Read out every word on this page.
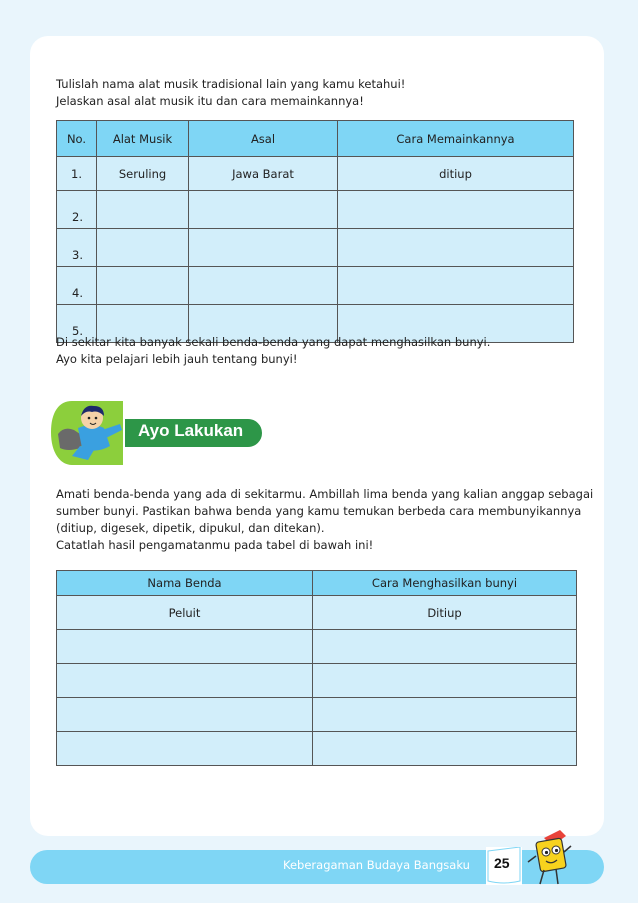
Tulislah nama alat musik tradisional lain yang kamu ketahui!

Jelaskan asal alat musik itu dan cara memainkannya!

No.	Alat Musik	Asal	Cara Memainkannya
1.	Seruling	Jawa Barat	ditiup
2.			
3.			
4.			
5.			

Di sekitar kita banyak sekali benda-benda yang dapat menghasilkan bunyi.

Ayo kita pelajari lebih jauh tentang bunyi!

Ayo Lakukan

Amati benda-benda yang ada di sekitarmu. Ambillah lima benda yang kalian anggap sebagai

sumber bunyi. Pastikan bahwa benda yang kamu temukan berbeda cara membunyikannya

(ditiup, digesek, dipetik, dipukul, dan ditekan).

Catatlah hasil pengamatanmu pada tabel di bawah ini!

Nama Benda	Cara Menghasilkan bunyi
Peluit	Ditiup

Keberagaman Budaya Bangsaku 25
